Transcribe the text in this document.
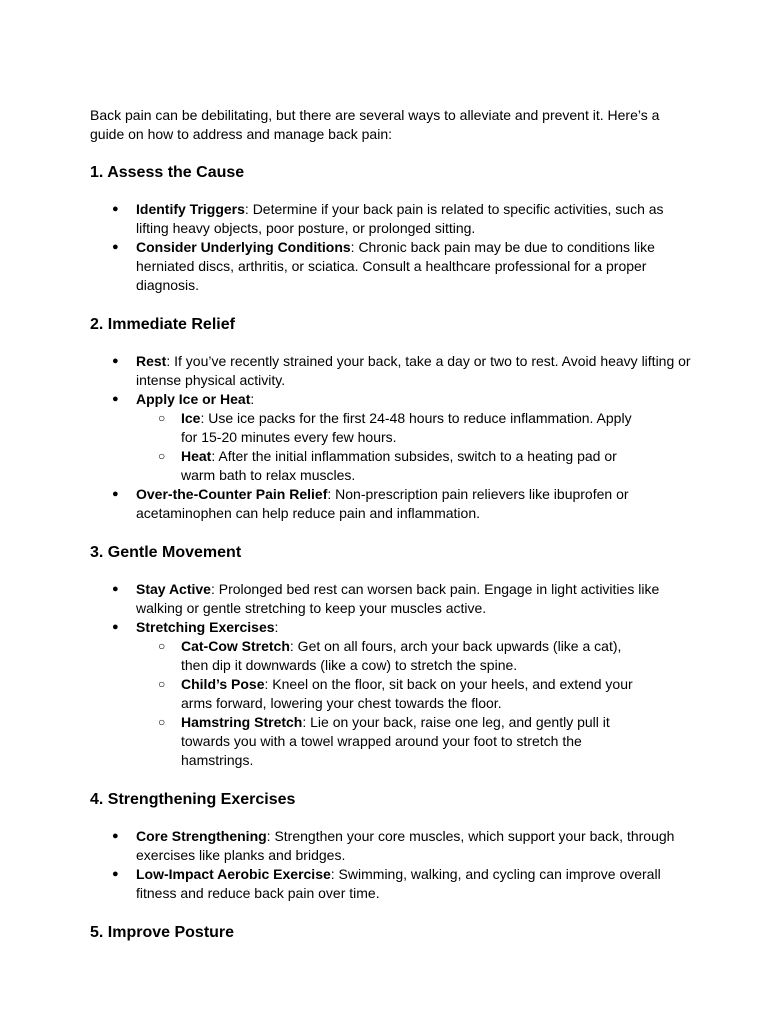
Back pain can be debilitating, but there are several ways to alleviate and prevent it. Here’s a guide on how to address and manage back pain:

1. Assess the Cause
● Identify Triggers: Determine if your back pain is related to specific activities, such as lifting heavy objects, poor posture, or prolonged sitting.
● Consider Underlying Conditions: Chronic back pain may be due to conditions like herniated discs, arthritis, or sciatica. Consult a healthcare professional for a proper diagnosis.
2. Immediate Relief
● Rest: If you’ve recently strained your back, take a day or two to rest. Avoid heavy lifting or intense physical activity.
● Apply Ice or Heat:
○ Ice: Use ice packs for the first 24-48 hours to reduce inflammation. Apply for 15-20 minutes every few hours.
○ Heat: After the initial inflammation subsides, switch to a heating pad or warm bath to relax muscles.
● Over-the-Counter Pain Relief: Non-prescription pain relievers like ibuprofen or acetaminophen can help reduce pain and inflammation.
3. Gentle Movement
● Stay Active: Prolonged bed rest can worsen back pain. Engage in light activities like walking or gentle stretching to keep your muscles active.
● Stretching Exercises:
○ Cat-Cow Stretch: Get on all fours, arch your back upwards (like a cat), then dip it downwards (like a cow) to stretch the spine.
○ Child’s Pose: Kneel on the floor, sit back on your heels, and extend your arms forward, lowering your chest towards the floor.
○ Hamstring Stretch: Lie on your back, raise one leg, and gently pull it towards you with a towel wrapped around your foot to stretch the hamstrings.
4. Strengthening Exercises
● Core Strengthening: Strengthen your core muscles, which support your back, through exercises like planks and bridges.
● Low-Impact Aerobic Exercise: Swimming, walking, and cycling can improve overall fitness and reduce back pain over time.
5. Improve Posture
